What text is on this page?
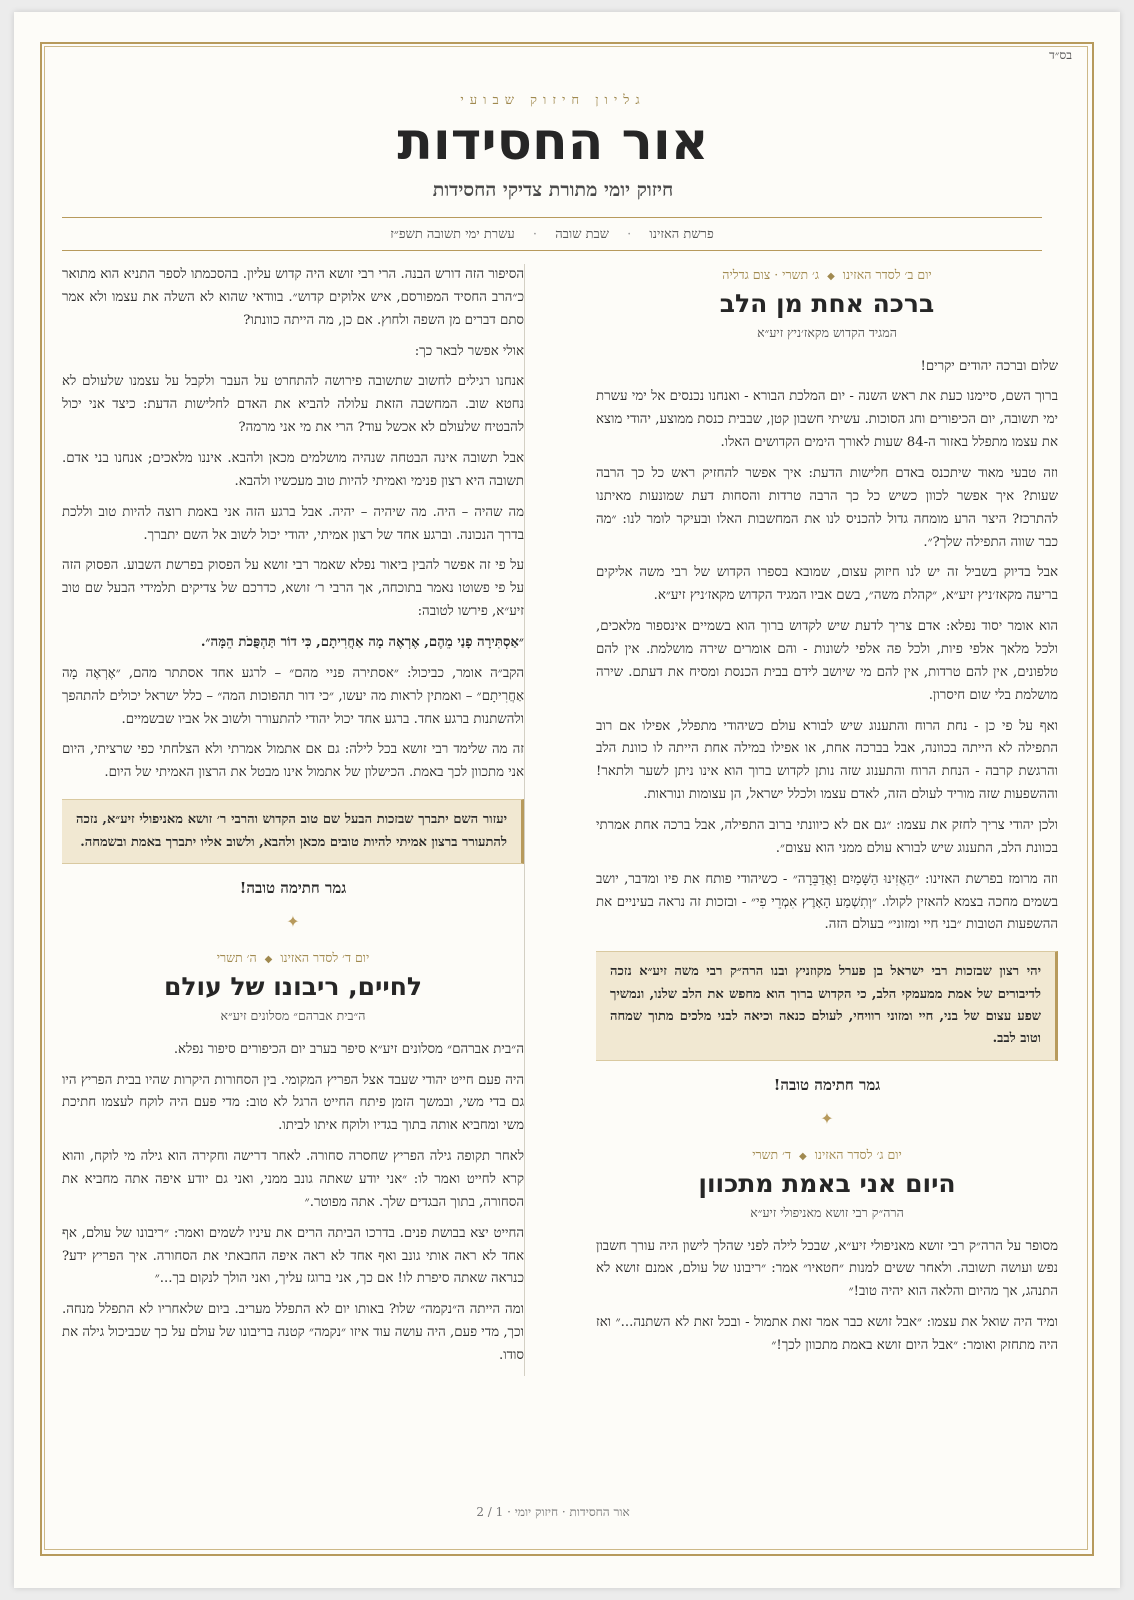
בס״ד
גליון חיזוק שבועי
אור החסידות
חיזוק יומי מתורת צדיקי החסידות
פרשת האזינו · שבת שובה · עשרת ימי תשובה תשפ״ז
יום ב׳ לסדר האזינו◆ג׳ תשרי · צום גדליה
ברכה אחת מן הלב
המגיד הקדוש מקאז׳ניץ זיע״א

שלום וברכה יהודים יקרים!

ברוך השם, סיימנו כעת את ראש השנה - יום המלכת הבורא - ואנחנו נכנסים אל ימי עשרת ימי תשובה, יום הכיפורים וחג הסוכות. עשיתי חשבון קטן, שבבית כנסת ממוצע, יהודי מוצא את עצמו מתפלל באזור ה-84 שעות לאורך הימים הקדושים האלו.

וזה טבעי מאוד שיתכנס באדם חלישות הדעת: איך אפשר להחזיק ראש כל כך הרבה שעות? איך אפשר לכוון כשיש כל כך הרבה טרדות והסחות דעת שמונעות מאיתנו להתרכז? היצר הרע מומחה גדול להכניס לנו את המחשבות האלו ובעיקר לומר לנו: ״מה כבר שווה התפילה שלך?״.

אבל בדיוק בשביל זה יש לנו חיזוק עצום, שמובא בספרו הקדוש של רבי משה אליקים בריעה מקאז׳ניץ זיע״א, ״קהלת משה״, בשם אביו המגיד הקדוש מקאז׳ניץ זיע״א.

הוא אומר יסוד נפלא: אדם צריך לדעת שיש לקדוש ברוך הוא בשמיים אינספור מלאכים, ולכל מלאך אלפי פיות, ולכל פה אלפי לשונות - והם אומרים שירה מושלמת. אין להם טלפונים, אין להם טרדות, אין להם מי שיושב לידם בבית הכנסת ומסיח את דעתם. שירה מושלמת בלי שום חיסרון.

ואף על פי כן - נחת הרוח והתענוג שיש לבורא עולם כשיהודי מתפלל, אפילו אם רוב התפילה לא הייתה בכוונה, אבל בברכה אחת, או אפילו במילה אחת הייתה לו כוונת הלב והרגשת קרבה - הנחת הרוח והתענוג שזה נותן לקדוש ברוך הוא אינו ניתן לשער ולתאר! וההשפעות שזה מוריד לעולם הזה, לאדם עצמו ולכלל ישראל, הן עצומות ונוראות.

ולכן יהודי צריך לחזק את עצמו: ״גם אם לא כיוונתי ברוב התפילה, אבל ברכה אחת אמרתי בכוונת הלב, התענוג שיש לבורא עולם ממני הוא עצום״.

וזה מרומז בפרשת האזינו: ״הַאֲזִינוּ הַשָּׁמַיִם וַאֲדַבֵּרָה״ - כשיהודי פותח את פיו ומדבר, יושב בשמים מחכה בצמא להאזין לקולו. ״וְתִשְׁמַע הָאָרֶץ אִמְרֵי פִי״ - ובזכות זה נראה בעיניים את ההשפעות הטובות ״בני חיי ומזוני״ בעולם הזה.

יהי רצון שבזכות רבי ישראל בן פערל מקוזניץ ובנו הרה״ק רבי משה זיע״א נזכה לדיבורים של אמת ממעמקי הלב, כי הקדוש ברוך הוא מחפש את הלב שלנו, ונמשיך שפע עצום של בני, חיי ומזוני רוויחי, לעולם כנאה וכיאה לבני מלכים מתוך שמחה וטוב לבב.
גמר חתימה טובה!
✦
יום ג׳ לסדר האזינו◆ד׳ תשרי
היום אני באמת מתכוון
הרה״ק רבי זושא מאניפולי זיע״א

מסופר על הרה״ק רבי זושא מאניפולי זיע״א, שבכל לילה לפני שהלך לישון היה עורך חשבון נפש ועושה תשובה. ולאחר ששים למנות ״חטאיו״ אמר: ״ריבונו של עולם, אמנם זושא לא התנהג, אך מהיום והלאה הוא יהיה טוב!״

ומיד היה שואל את עצמו: ״אבל זושא כבר אמר זאת אתמול - ובכל זאת לא השתנה...״ ואז היה מתחזק ואומר: ״אבל היום זושא באמת מתכוון לכך!״

הסיפור הזה דורש הבנה. הרי רבי זושא היה קדוש עליון. בהסכמתו לספר התניא הוא מתואר כ״הרב החסיד המפורסם, איש אלוקים קדוש״. בוודאי שהוא לא השלה את עצמו ולא אמר סתם דברים מן השפה ולחוץ. אם כן, מה הייתה כוונתו?

אולי אפשר לבאר כך:

אנחנו רגילים לחשוב שתשובה פירושה להתחרט על העבר ולקבל על עצמנו שלעולם לא נחטא שוב. המחשבה הזאת עלולה להביא את האדם לחלישות הדעת: כיצד אני יכול להבטיח שלעולם לא אכשל עוד? הרי את מי אני מרמה?

אבל תשובה אינה הבטחה שנהיה מושלמים מכאן ולהבא. איננו מלאכים; אנחנו בני אדם. תשובה היא רצון פנימי ואמיתי להיות טוב מעכשיו ולהבא.

מה שהיה – היה. מה שיהיה – יהיה. אבל ברגע הזה אני באמת רוצה להיות טוב וללכת בדרך הנכונה. וברגע אחד של רצון אמיתי, יהודי יכול לשוב אל השם יתברך.

על פי זה אפשר להבין ביאור נפלא שאמר רבי זושא על הפסוק בפרשת השבוע. הפסוק הזה על פי פשוטו נאמר בתוכחה, אך הרבי ר׳ זושא, כדרכם של צדיקים תלמידי הבעל שם טוב זיע״א, פירשו לטובה:

״אַסְתִּירָה פָנַי מֵהֶם, אֶרְאֶה מָה אַחֲרִיתָם, כִּי דוֹר תַּהְפֻּכֹת הֵמָּה״.

הקב״ה אומר, כביכול: ״אסתירה פניי מהם״ – לרגע אחד אסתתר מהם, ״אֶרְאֶה מָה אַחֲרִיתָם״ – ואמתין לראות מה יעשו, ״כי דור תהפוכות המה״ – כלל ישראל יכולים להתהפך ולהשתנות ברגע אחד. ברגע אחד יכול יהודי להתעורר ולשוב אל אביו שבשמיים.

זה מה שלימד רבי זושא בכל לילה: גם אם אתמול אמרתי ולא הצלחתי כפי שרציתי, היום אני מתכוון לכך באמת. הכישלון של אתמול אינו מבטל את הרצון האמיתי של היום.

יעזור השם יתברך שבזכות הבעל שם טוב הקדוש והרבי ר׳ זושא מאניפולי זיע״א, נזכה להתעורר ברצון אמיתי להיות טובים מכאן ולהבא, ולשוב אליו יתברך באמת ובשמחה.
גמר חתימה טובה!
✦
יום ד׳ לסדר האזינו◆ה׳ תשרי
לחיים, ריבונו של עולם
ה״בית אברהם״ מסלונים זיע״א

ה״בית אברהם״ מסלונים זיע״א סיפר בערב יום הכיפורים סיפור נפלא.

היה פעם חייט יהודי שעבד אצל הפריץ המקומי. בין הסחורות היקרות שהיו בבית הפריץ היו גם בדי משי, ובמשך הזמן פיתח החייט הרגל לא טוב: מדי פעם היה לוקח לעצמו חתיכת משי ומחביא אותה בתוך בגדיו ולוקח איתו לביתו.

לאחר תקופה גילה הפריץ שחסרה סחורה. לאחר דרישה וחקירה הוא גילה מי לוקח, והוא קרא לחייט ואמר לו: ״אני יודע שאתה גונב ממני, ואני גם יודע איפה אתה מחביא את הסחורה, בתוך הבגדים שלך. אתה מפוטר.״

החייט יצא בבושת פנים. בדרכו הביתה הרים את עיניו לשמים ואמר: ״ריבונו של עולם, אף אחד לא ראה אותי גונב ואף אחד לא ראה איפה החבאתי את הסחורה. איך הפריץ ידע? כנראה שאתה סיפרת לו! אם כך, אני ברוגז עליך, ואני הולך לנקום בך...״

ומה הייתה ה״נקמה״ שלו? באותו יום לא התפלל מעריב. ביום שלאחריו לא התפלל מנחה. וכך, מדי פעם, היה עושה עוד איזו ״נקמה״ קטנה בריבונו של עולם על כך שכביכול גילה את סודו.

אור החסידות · חיזוק יומי · 1 / 2
